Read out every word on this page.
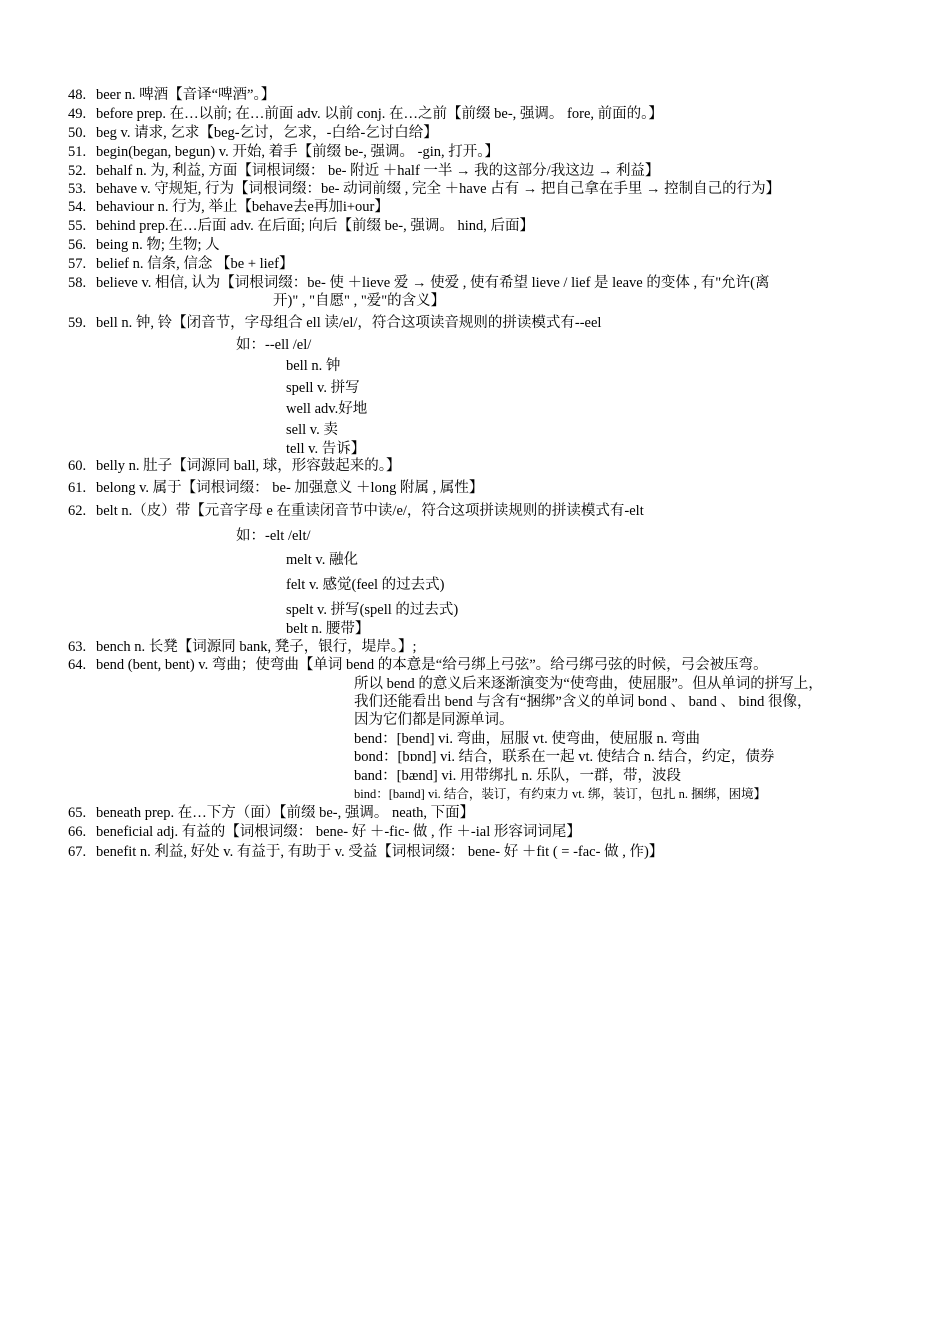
48. beer n. 啤酒【音译“啤酒”。】
49. before prep. 在…以前; 在…前面 adv. 以前 conj. 在…之前【前缀 be-, 强调。 fore, 前面的。】
50. beg v. 请求, 乞求【beg-乞讨，乞求，-白给-乞讨白给】
51. begin(began, begun) v. 开始, 着手【前缀 be-, 强调。 -gin, 打开。】
52. behalf n. 为, 利益, 方面【词根词缀： be- 附近 ＋half 一半 → 我的这部分/我这边 → 利益】
53. behave v. 守规矩, 行为【词根词缀：be- 动词前缀 , 完全 ＋have 占有 → 把自己拿在手里 → 控制自己的行为】
54. behaviour n. 行为, 举止【behave去e再加i+our】
55. behind prep.在…后面 adv. 在后面; 向后【前缀 be-, 强调。 hind, 后面】
56. being n. 物; 生物; 人
57. belief n. 信条, 信念 【be + lief】
58. believe v. 相信, 认为【词根词缀：be- 使 ＋lieve 爱 → 使爱 , 使有希望 lieve / lief 是 leave 的变体 , 有"允许(离
开)" , "自愿" , "爱"的含义】
59. bell n. 钟, 铃【闭音节，字母组合 ell 读/el/，符合这项读音规则的拼读模式有--eel
如：--ell /el/
bell n. 钟
spell v. 拼写
well adv.好地
sell v. 卖
tell v. 告诉】
60. belly n. 肚子【词源同 ball, 球，形容鼓起来的。】
61. belong v. 属于【词根词缀： be- 加强意义 ＋long 附属 , 属性】
62. belt n.（皮）带【元音字母 e 在重读闭音节中读/e/，符合这项拼读规则的拼读模式有-elt
如：-elt /elt/
melt v. 融化
felt v. 感觉(feel 的过去式)
spelt v. 拼写(spell 的过去式)
belt n. 腰带】
63. bench n. 长凳【词源同 bank, 凳子，银行，堤岸。】;
64. bend (bent, bent) v. 弯曲；使弯曲【单词 bend 的本意是“给弓绑上弓弦”。给弓绑弓弦的时候，弓会被压弯。
所以 bend 的意义后来逐渐演变为“使弯曲，使屈服”。但从单词的拼写上，
我们还能看出 bend 与含有“捆绑”含义的单词 bond 、 band 、 bind 很像，
因为它们都是同源单词。
bend：[bend] vi. 弯曲，屈服 vt. 使弯曲，使屈服 n. 弯曲
bond：[bɒnd] vi. 结合，联系在一起 vt. 使结合 n. 结合，约定，债券
band：[bænd] vi. 用带绑扎 n. 乐队，一群，带，波段
bind：[baɪnd] vi. 结合，装订，有约束力 vt. 绑，装订，包扎 n. 捆绑，困境】
65. beneath prep. 在…下方（面）【前缀 be-, 强调。 neath, 下面】
66. beneficial adj. 有益的【词根词缀： bene- 好 ＋-fic- 做 , 作 ＋-ial 形容词词尾】
67. benefit n. 利益, 好处 v. 有益于, 有助于 v. 受益【词根词缀： bene- 好 ＋fit ( = -fac- 做 , 作)】
